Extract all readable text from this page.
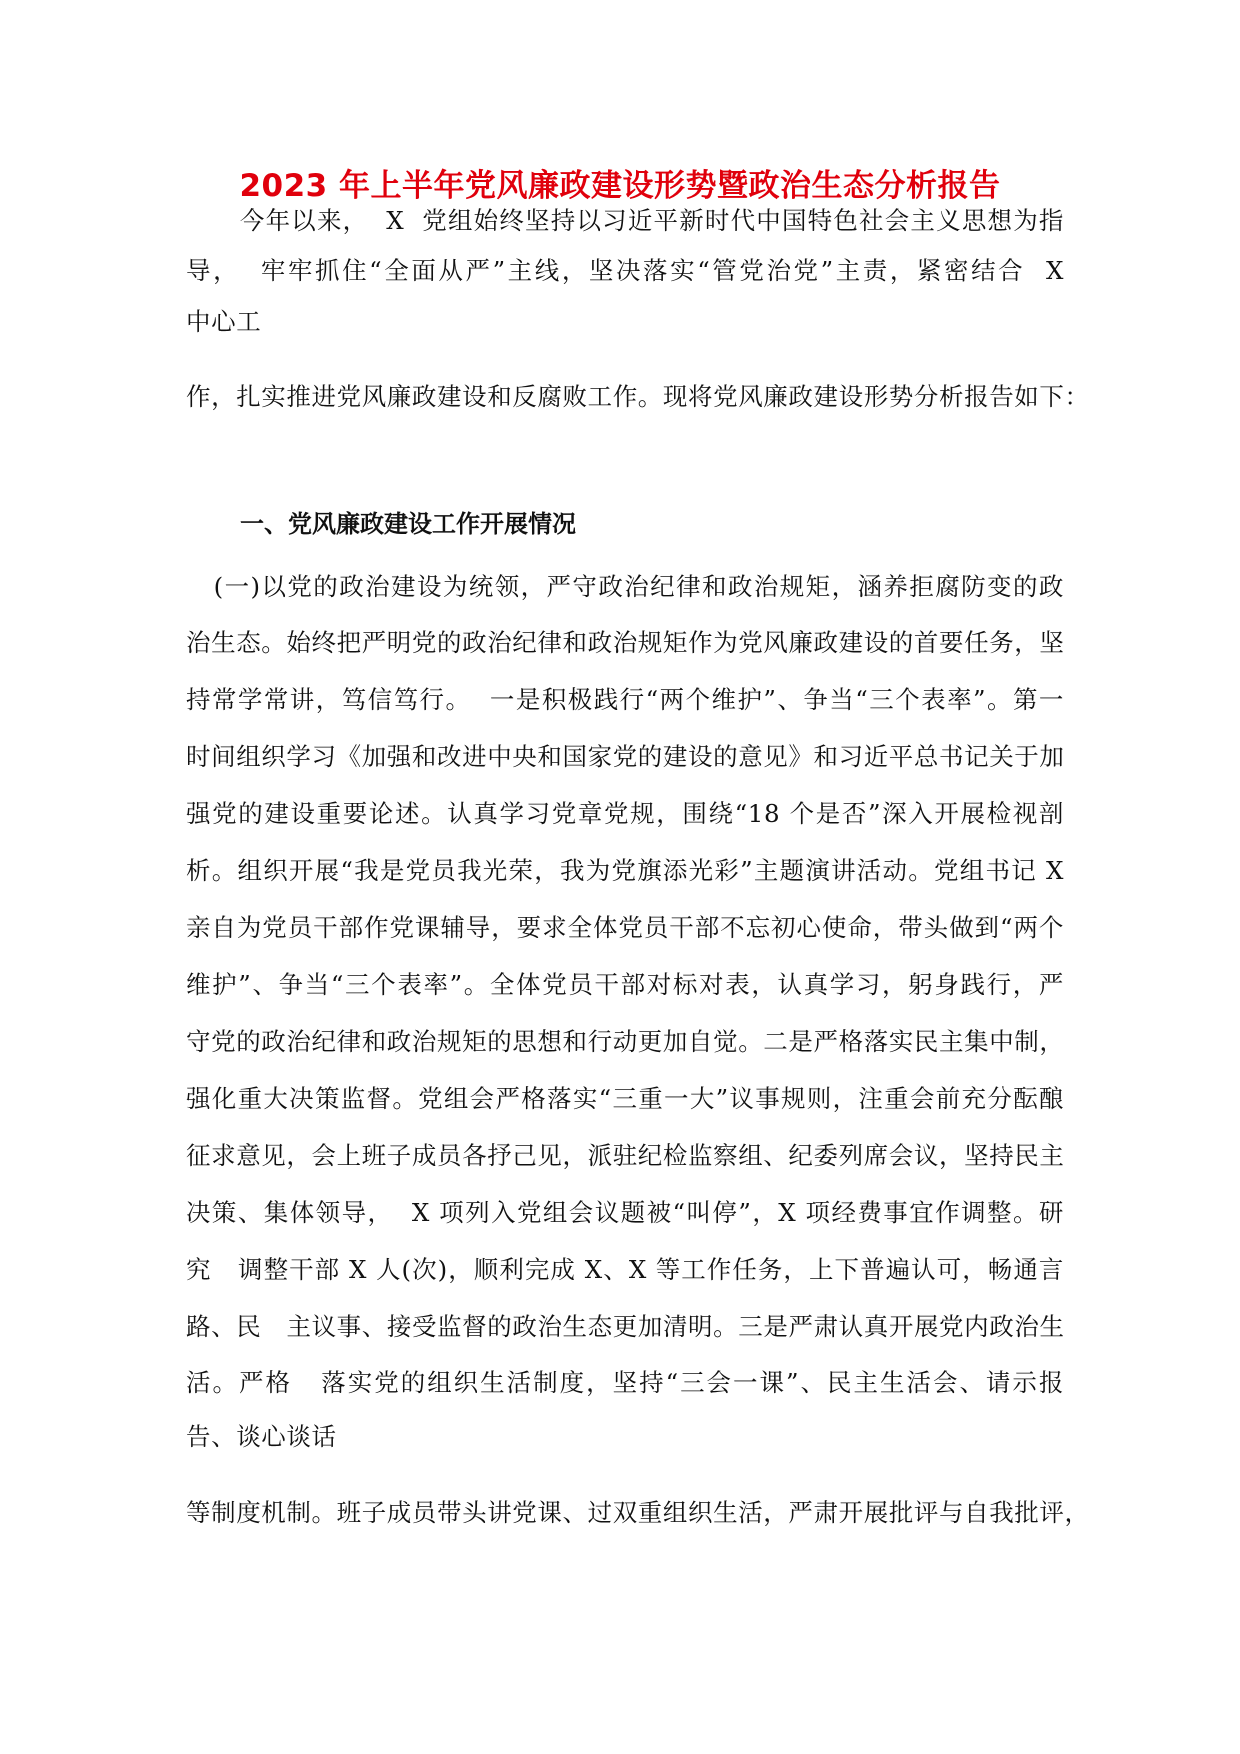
2023 年上半年党风廉政建设形势暨政治生态分析报告
今年以来，  X  党组始终坚持以习近平新时代中国特色社会主义思想为指
导，  牢牢抓住“全面从严”主线，坚决落实“管党治党”主责，紧密结合  X
中心工
作，扎实推进党风廉政建设和反腐败工作。现将党风廉政建设形势分析报告如下：
一、党风廉政建设工作开展情况
(一)以党的政治建设为统领，严守政治纪律和政治规矩，涵养拒腐防变的政
治生态。始终把严明党的政治纪律和政治规矩作为党风廉政建设的首要任务，坚
持常学常讲，笃信笃行。  一是积极践行“两个维护”、争当“三个表率”。第一
时间组织学习《加强和改进中央和国家党的建设的意见》和习近平总书记关于加
强党的建设重要论述。认真学习党章党规，围绕“18 个是否”深入开展检视剖
析。组织开展“我是党员我光荣，我为党旗添光彩”主题演讲活动。党组书记 X
亲自为党员干部作党课辅导，要求全体党员干部不忘初心使命，带头做到“两个
维护”、争当“三个表率”。全体党员干部对标对表，认真学习，躬身践行，严
守党的政治纪律和政治规矩的思想和行动更加自觉。二是严格落实民主集中制，
强化重大决策监督。党组会严格落实“三重一大”议事规则，注重会前充分酝酿
征求意见，会上班子成员各抒己见，派驻纪检监察组、纪委列席会议，坚持民主
决策、集体领导，  X 项列入党组会议题被“叫停”，X 项经费事宜作调整。研
究   调整干部 X 人(次)，顺利完成 X、X 等工作任务，上下普遍认可，畅通言
路、民   主议事、接受监督的政治生态更加清明。三是严肃认真开展党内政治生
活。严格   落实党的组织生活制度，坚持“三会一课”、民主生活会、请示报
告、谈心谈话
等制度机制。班子成员带头讲党课、过双重组织生活，严肃开展批评与自我批评，
